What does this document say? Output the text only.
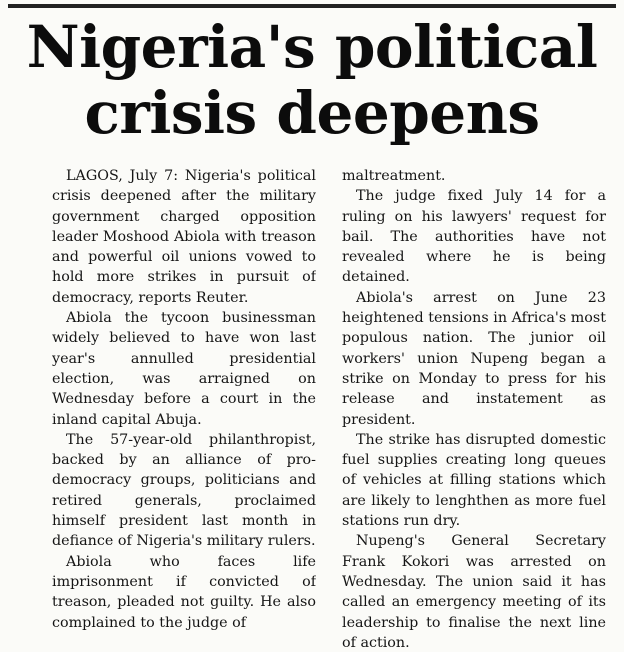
Nigeria's political
crisis deepens

LAGOS, July 7: Nigeria's political crisis deepened after the military government charged opposition leader Moshood Abiola with treason and powerful oil unions vowed to hold more strikes in pursuit of democracy, reports Reuter.

Abiola the tycoon businessman widely believed to have won last year's annulled presidential election, was arraigned on Wednesday before a court in the inland capital Abuja.

The 57-year-old philanthropist, backed by an alliance of pro-democracy groups, politicians and retired generals, proclaimed himself president last month in defiance of Nigeria's military rulers.

Abiola who faces life imprisonment if convicted of treason, pleaded not guilty. He also complained to the judge of

maltreatment.

The judge fixed July 14 for a ruling on his lawyers' request for bail. The authorities have not revealed where he is being detained.

Abiola's arrest on June 23 heightened tensions in Africa's most populous nation. The junior oil workers' union Nupeng began a strike on Monday to press for his release and instatement as president.

The strike has disrupted domestic fuel supplies creating long queues of vehicles at filling stations which are likely to lenghthen as more fuel stations run dry.

Nupeng's General Secretary Frank Kokori was arrested on Wednesday. The union said it has called an emergency meeting of its leadership to finalise the next line of action.
